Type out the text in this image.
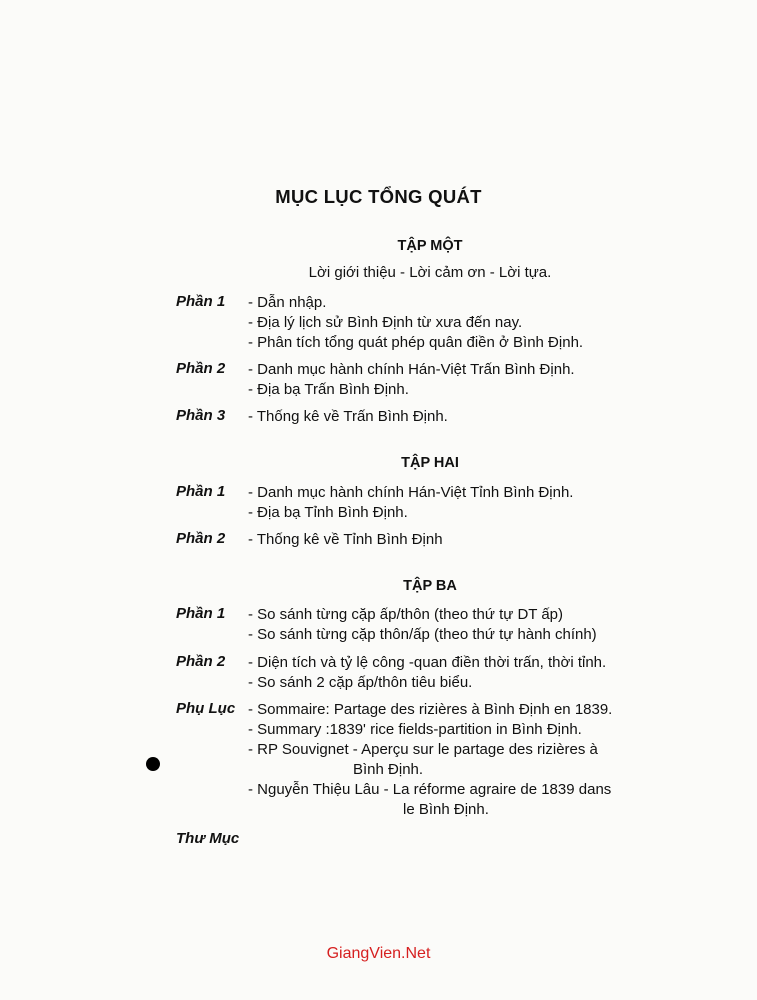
MỤC LỤC TỔNG QUÁT
TẬP MỘT
Lời giới thiệu - Lời cảm ơn - Lời tựa.
Phần 1 - Dẫn nhập.
- Địa lý lịch sử Bình Định từ xưa đến nay.
- Phân tích tổng quát phép quân điền ở Bình Định.
Phần 2 - Danh mục hành chính Hán-Việt Trấn Bình Định.
- Địa bạ Trấn Bình Định.
Phần 3 - Thống kê về Trấn Bình Định.
TẬP HAI
Phần 1 - Danh mục hành chính Hán-Việt Tỉnh Bình Định.
- Địa bạ Tỉnh Bình Định.
Phần 2 - Thống kê về Tỉnh Bình Định
TẬP BA
Phần 1 - So sánh từng cặp ấp/thôn (theo thứ tự DT ấp)
- So sánh từng cặp thôn/ấp (theo thứ tự hành chính)
Phần 2 - Diện tích và tỷ lệ công -quan điền thời trấn, thời tỉnh.
- So sánh 2 cặp ấp/thôn tiêu biểu.
Phụ Lục - Sommaire: Partage des rizières à Bình Định en 1839.
- Summary :1839' rice fields-partition in Bình Định.
- RP Souvignet - Aperçu sur le partage des rizières à
Bình Định.
- Nguyễn Thiệu Lâu - La réforme agraire de 1839 dans
le Bình Định.
Thư Mục
GiangVien.Net
